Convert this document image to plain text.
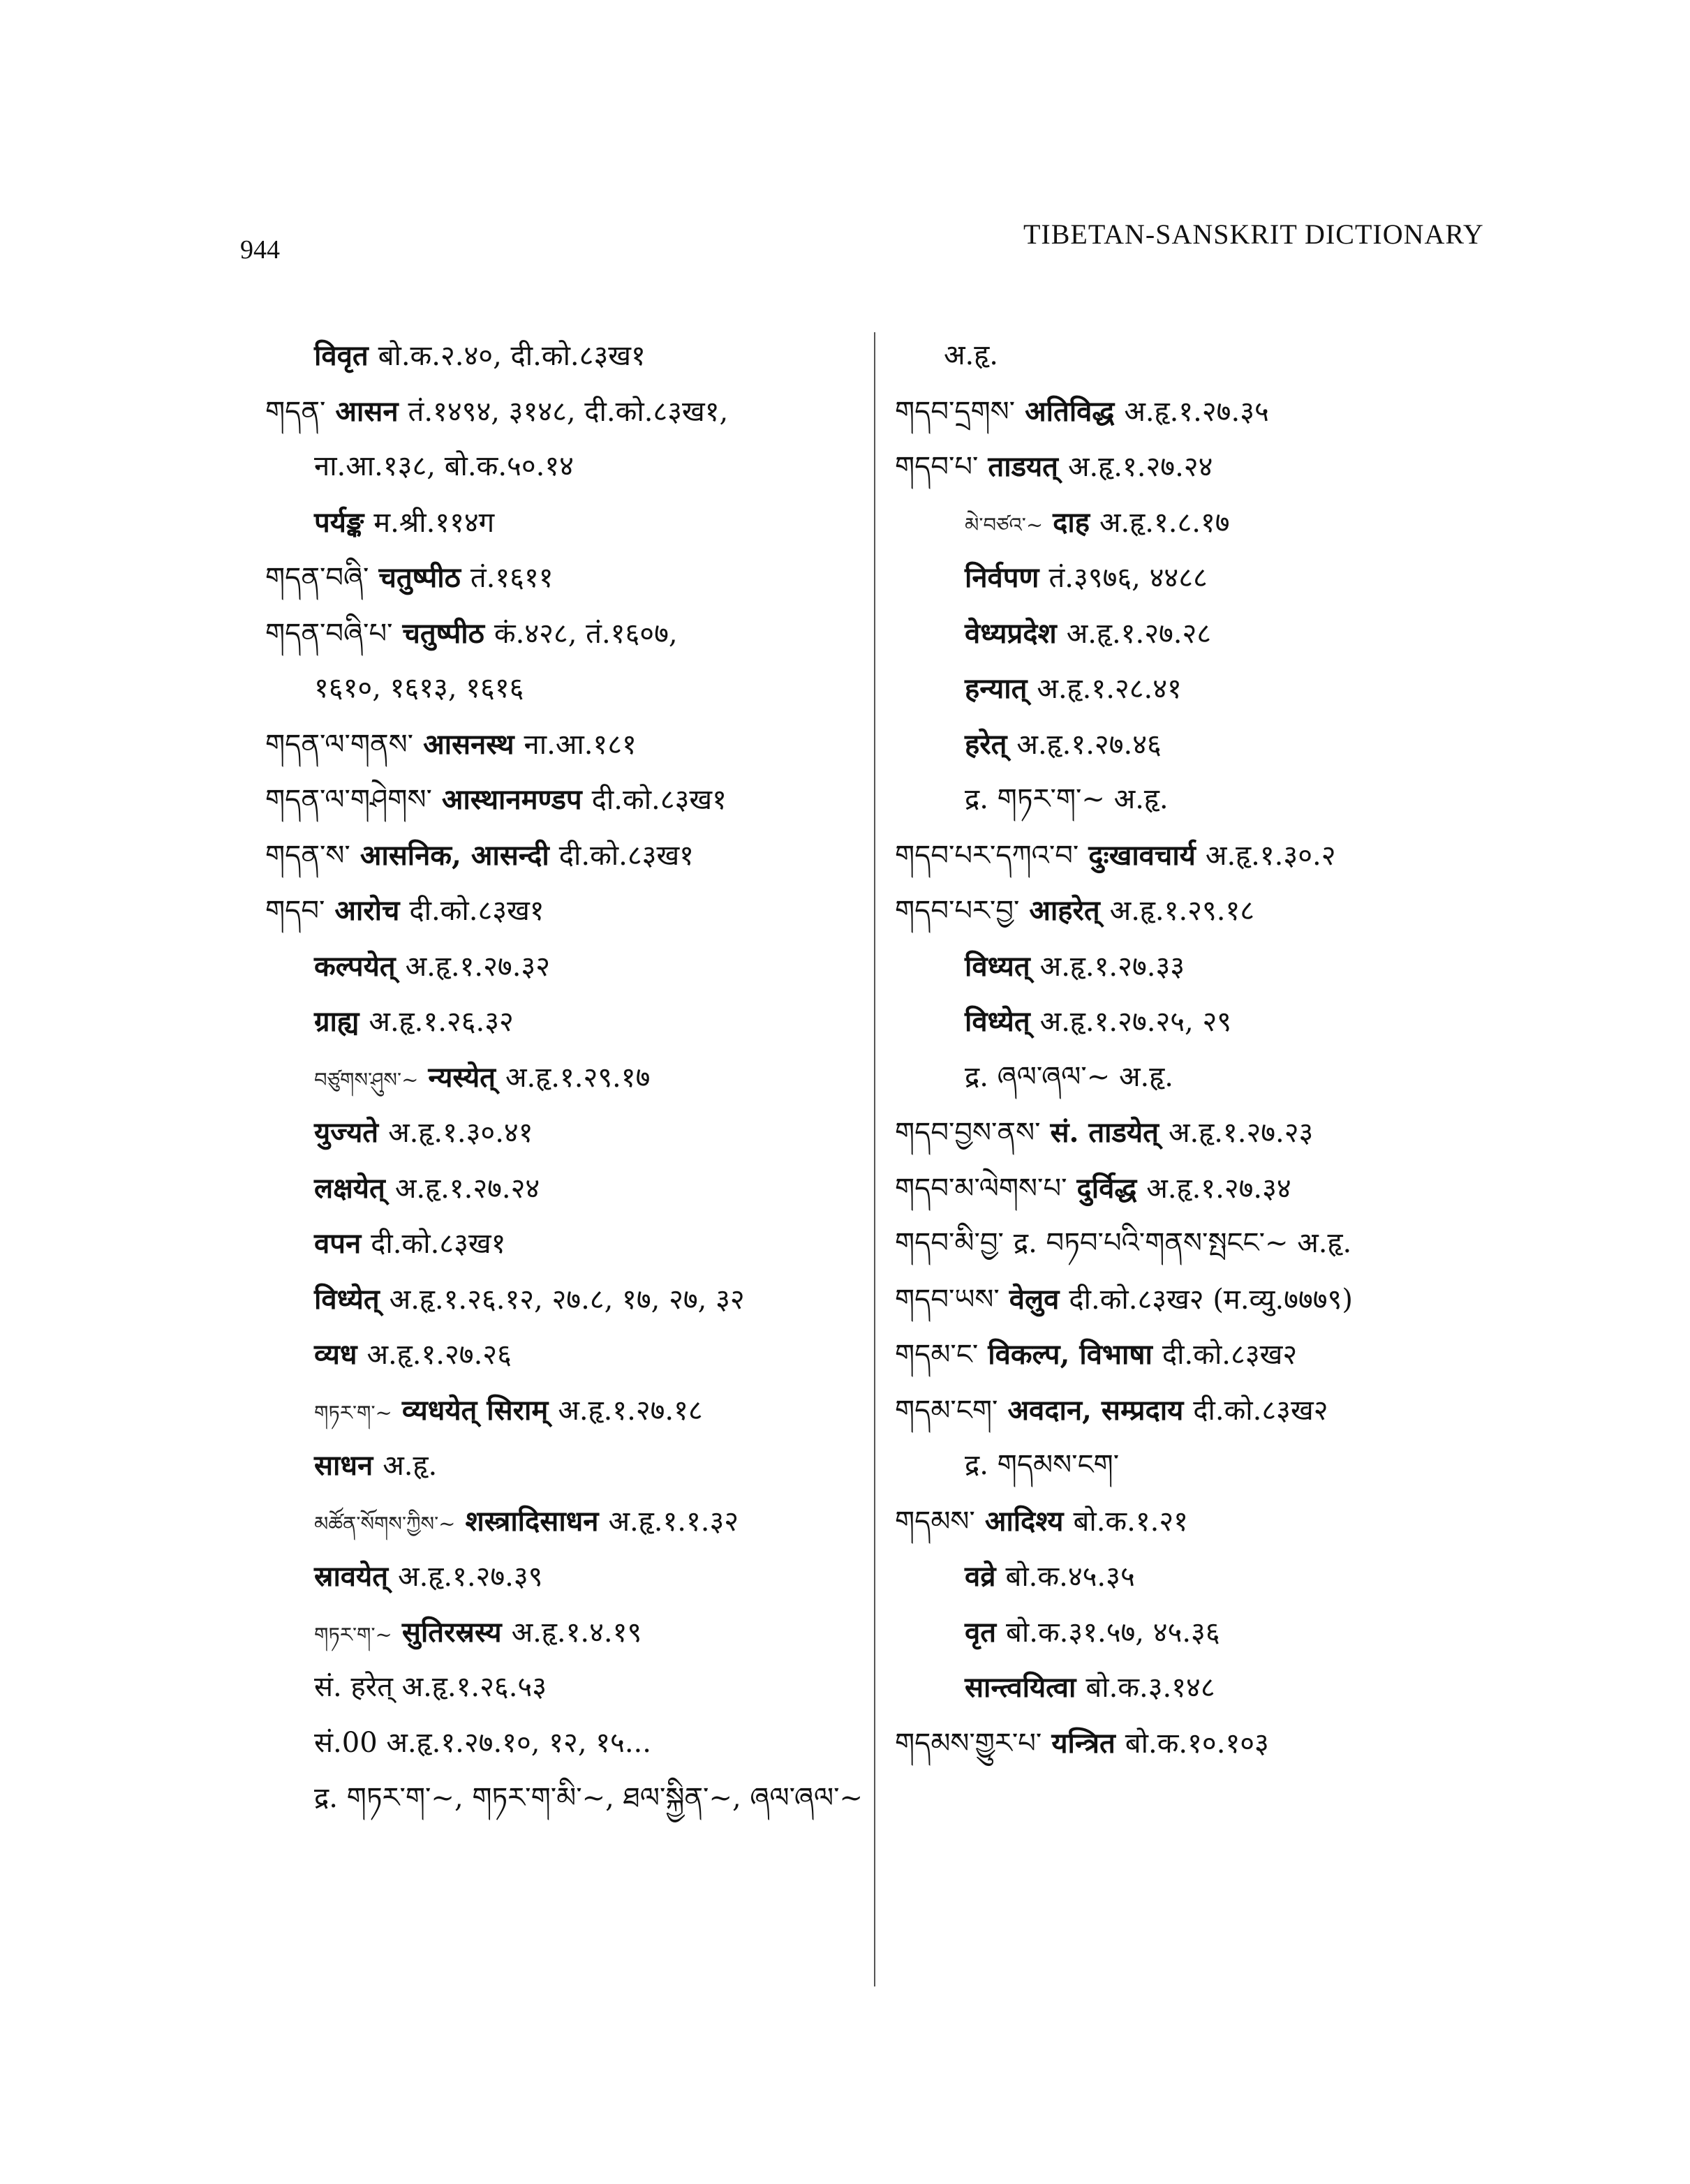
944	TIBETAN-SANSKRIT DICTIONARY
विवृत बो.क.२.४०, दी.को.८३ख१
གདན་ आसन तं.१४९४, ३१४८, दी.को.८३ख१,
ना.आ.१३८, बो.क.५०.१४
पर्यङ्क म.श्री.११४ग
གདན་བཞི་ चतुष्पीठ तं.१६११
གདན་བཞི་པ་ चतुष्पीठ कं.४२८, तं.१६०७,
१६१०, १६१३, १६१६
གདན་ལ་གནས་ आसनस्थ ना.आ.१८१
གདན་ལ་གཤེགས་ आस्थानमण्डप दी.को.८३ख१
གདན་ས་ आसनिक, आसन्दी दी.को.८३ख१
གདབ་ आरोच दी.को.८३ख१
कल्पयेत् अ.हृ.१.२७.३२
ग्राह्य अ.हृ.१.२६.३२
བཙུགས་ཤུས་~ न्यस्येत् अ.हृ.१.२९.१७
युज्यते अ.हृ.१.३०.४१
लक्षयेत् अ.हृ.१.२७.२४
वपन दी.को.८३ख१
विध्येत् अ.हृ.१.२६.१२, २७.८, १७, २७, ३२
व्यध अ.हृ.१.२७.२६
གཏར་ག་~ व्यधयेत् सिराम् अ.हृ.१.२७.१८
साधन अ.हृ.
མཚོན་སོགས་ཀྱིས་~ शस्त्रादिसाधन अ.हृ.१.१.३२
स्रावयेत् अ.हृ.१.२७.३९
གཏར་ག་~ सुतिरस्रस्य अ.हृ.१.४.१९
सं. हरेत् अ.हृ.१.२६.५३
सं.00 अ.हृ.१.२७.१०, १२, १५...
द्र. གཏར་ག་~, གཏར་ག་མི་~, ཐལ་སྐྱིན་~, ཞལ་ཞལ་~
अ.हृ.
གདབ་དྲགས་ अतिविद्ध अ.हृ.१.२७.३५
གདབ་པ་ ताडयत् अ.हृ.१.२७.२४
མེ་བཙའ་~ दाह अ.हृ.१.८.१७
निर्वपण तं.३९७६, ४४८८
वेध्यप्रदेश अ.हृ.१.२७.२८
हन्यात् अ.हृ.१.२८.४१
हरेत् अ.हृ.१.२७.४६
द्र. གཏར་ག་~ अ.हृ.
གདབ་པར་དཀའ་བ་ दुःखावचार्य अ.हृ.१.३०.२
གདབ་པར་བྱ་ आहरेत् अ.हृ.१.२९.१८
विध्यत् अ.हृ.१.२७.३३
विध्येत् अ.हृ.१.२७.२५, २९
द्र. ཞལ་ཞལ་~ अ.हृ.
གདབ་བྱས་ནས་ सं. ताडयेत् अ.हृ.१.२७.२३
གདབ་མ་ལེགས་པ་ दुर्विद्ध अ.हृ.१.२७.३४
གདབ་མི་བྱ་ द्र. བཏབ་པའི་གནས་སྤངང་~ अ.हृ.
གདབ་ཡས་ वेलुव दी.को.८३ख२ (म.व्यु.७७७९)
གདམ་ང་ विकल्प, विभाषा दी.को.८३ख२
གདམ་ངག་ अवदान, सम्प्रदाय दी.को.८३ख२
द्र. གདམས་ངག་
གདམས་ आदिश्य बो.क.१.२१
वव्रे बो.क.४५.३५
वृत बो.क.३१.५७, ४५.३६
सान्त्वयित्वा बो.क.३.१४८
གདམས་གྱུར་པ་ यन्त्रित बो.क.१०.१०३
